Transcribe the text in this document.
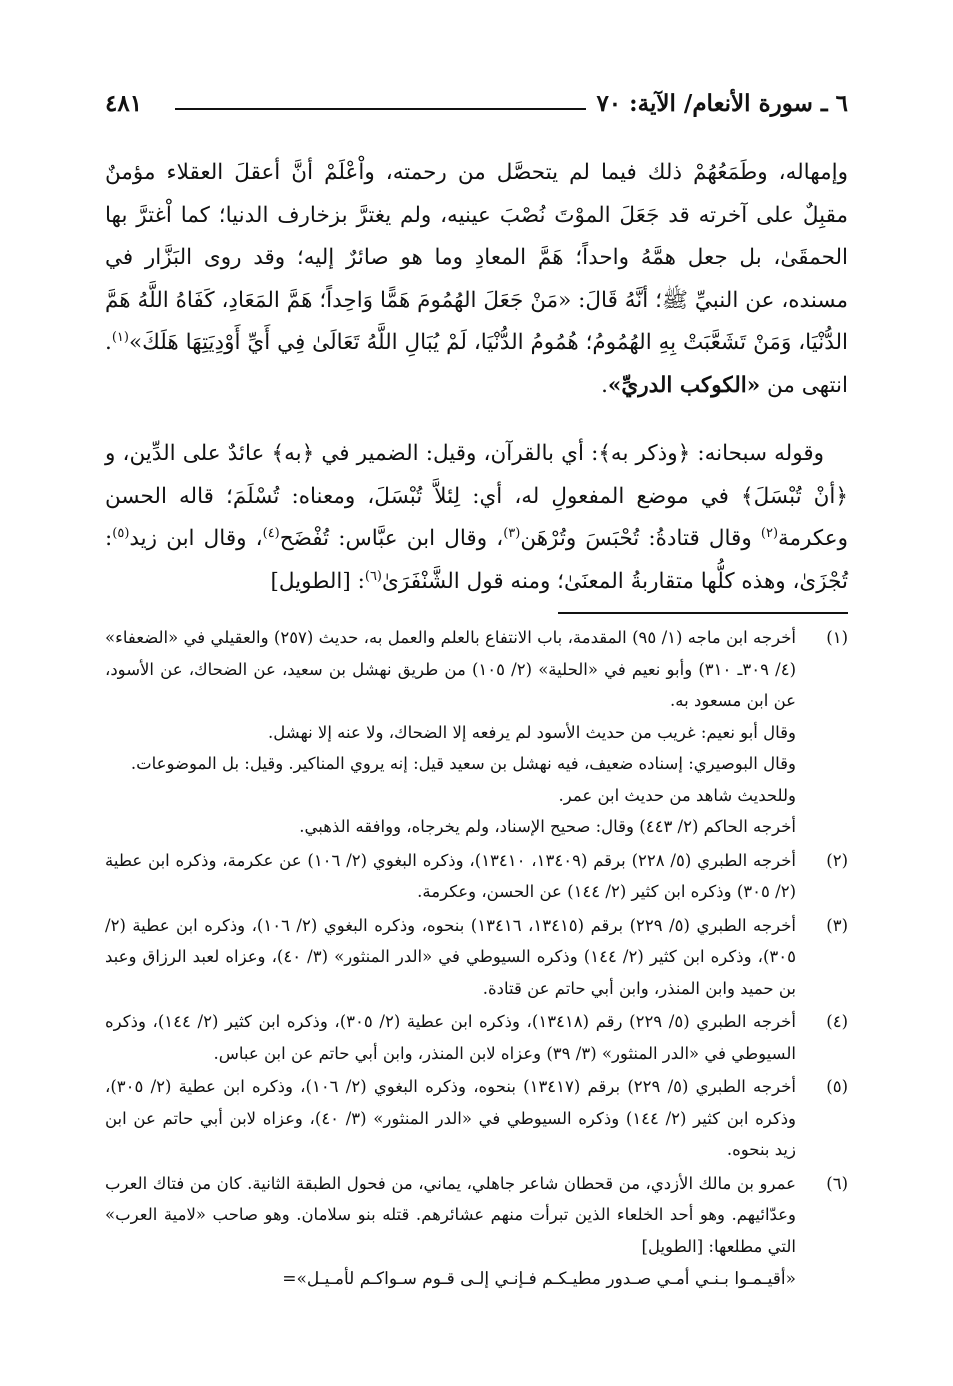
٦ ـ سورة الأنعام/ الآية: ٧٠
٤٨١

وإمهاله، وطَمَعُهُمْ ذلك فيما لم يتحصَّل من رحمته، واْعْلَمْ أنَّ أعقلَ العقلاء مؤمنٌ مقبِلٌ على آخرته قد جَعَلَ الموْتَ نُصْبَ عينيه، ولم يغترَّ بزخارف الدنيا؛ كما اْغترَّ بها الحمقَىٰ، بل جعل همَّهُ واحداً؛ هَمَّ المعادِ وما هو صائرٌ إليه؛ وقد روى البَزَّار في مسنده، عن النبيِّ ﷺ؛ أنَّهُ قَالَ: «مَنْ جَعَلَ الهُمُومَ هَمًّا وَاحِداً؛ هَمَّ المَعَادِ، كَفَاهُ اللَّهُ هَمَّ الدُّنْيَا، وَمَنْ تَشَعَّبَتْ بِهِ الهُمُومُ؛ هُمُومُ الدُّنْيَا، لَمْ يُبَالِ اللَّهُ تَعَالَىٰ فِي أَيِّ أَوْدِيَتِهَا هَلَكَ»$^{(١)}$. انتهى من «الكوكب الدريِّ».

وقوله سبحانه: ﴿وذكر به﴾: أي بالقرآن، وقيل: الضمير في ﴿به﴾ عائدٌ على الدِّين، و ﴿أنْ تُبْسَلَ﴾ في موضع المفعولِ له، أي: لِئلاَّ تُبْسَلَ، ومعناه: تُسْلَمَ؛ قاله الحسن وعكرمة$^{(٢)}$ وقال قتادةُ: تُحْبَسَ وتُرْهَن$^{(٣)}$، وقال ابن عبَّاس: تُفْضَح$^{(٤)}$، وقال ابن زيد$^{(٥)}$: تُجْزَىٰ، وهذه كلُّها متقاربةُ المعنَىٰ؛ ومنه قول الشَّنْفَرَىٰ$^{(٦)}$: [الطويل]

(١)

أخرجه ابن ماجه (١/ ٩٥) المقدمة، باب الانتفاع بالعلم والعمل به، حديث (٢٥٧) والعقيلي في «الضعفاء» (٤/ ٣٠٩ـ ٣١٠) وأبو نعيم في «الحلية» (٢/ ١٠٥) من طريق نهشل بن سعيد، عن الضحاك، عن الأسود، عن ابن مسعود به.

وقال أبو نعيم: غريب من حديث الأسود لم يرفعه إلا الضحاك، ولا عنه إلا نهشل.

وقال البوصيري: إسناده ضعيف، فيه نهشل بن سعيد قيل: إنه يروي المناكير. وقيل: بل الموضوعات.

وللحديث شاهد من حديث ابن عمر.

أخرجه الحاكم (٢/ ٤٤٣) وقال: صحيح الإسناد، ولم يخرجاه، ووافقه الذهبي.

(٢)

أخرجه الطبري (٥/ ٢٢٨) برقم (١٣٤٠٩، ١٣٤١٠)، وذكره البغوي (٢/ ١٠٦) عن عكرمة، وذكره ابن عطية (٢/ ٣٠٥) وذكره ابن كثير (٢/ ١٤٤) عن الحسن، وعكرمة.

(٣)

أخرجه الطبري (٥/ ٢٢٩) برقم (١٣٤١٥، ١٣٤١٦) بنحوه، وذكره البغوي (٢/ ١٠٦)، وذكره ابن عطية (٢/ ٣٠٥)، وذكره ابن كثير (٢/ ١٤٤) وذكره السيوطي في «الدر المنثور» (٣/ ٤٠)، وعزاه لعبد الرزاق وعبد بن حميد وابن المنذر، وابن أبي حاتم عن قتادة.

(٤)

أخرجه الطبري (٥/ ٢٢٩) رقم (١٣٤١٨)، وذكره ابن عطية (٢/ ٣٠٥)، وذكره ابن كثير (٢/ ١٤٤)، وذكره السيوطي في «الدر المنثور» (٣/ ٣٩) وعزاه لابن المنذر، وابن أبي حاتم عن ابن عباس.

(٥)

أخرجه الطبري (٥/ ٢٢٩) برقم (١٣٤١٧) بنحوه، وذكره البغوي (٢/ ١٠٦)، وذكره ابن عطية (٢/ ٣٠٥)، وذكره ابن كثير (٢/ ١٤٤) وذكره السيوطي في «الدر المنثور» (٣/ ٤٠)، وعزاه لابن أبي حاتم عن ابن زيد بنحوه.

(٦)

عمرو بن مالك الأزدي، من قحطان شاعر جاهلي، يماني، من فحول الطبقة الثانية. كان من فتاك العرب وعدّائيهم. وهو أحد الخلعاء الذين تبرأت منهم عشائرهم. قتله بنو سلامان. وهو صاحب «لامية العرب» التي مطلعها: [الطويل]

«أقيـمـوا بـنـي أمـي صـدور مطيـكـم فـإنـي إلـى قـوم سـواكـم لأمـيـل»=
